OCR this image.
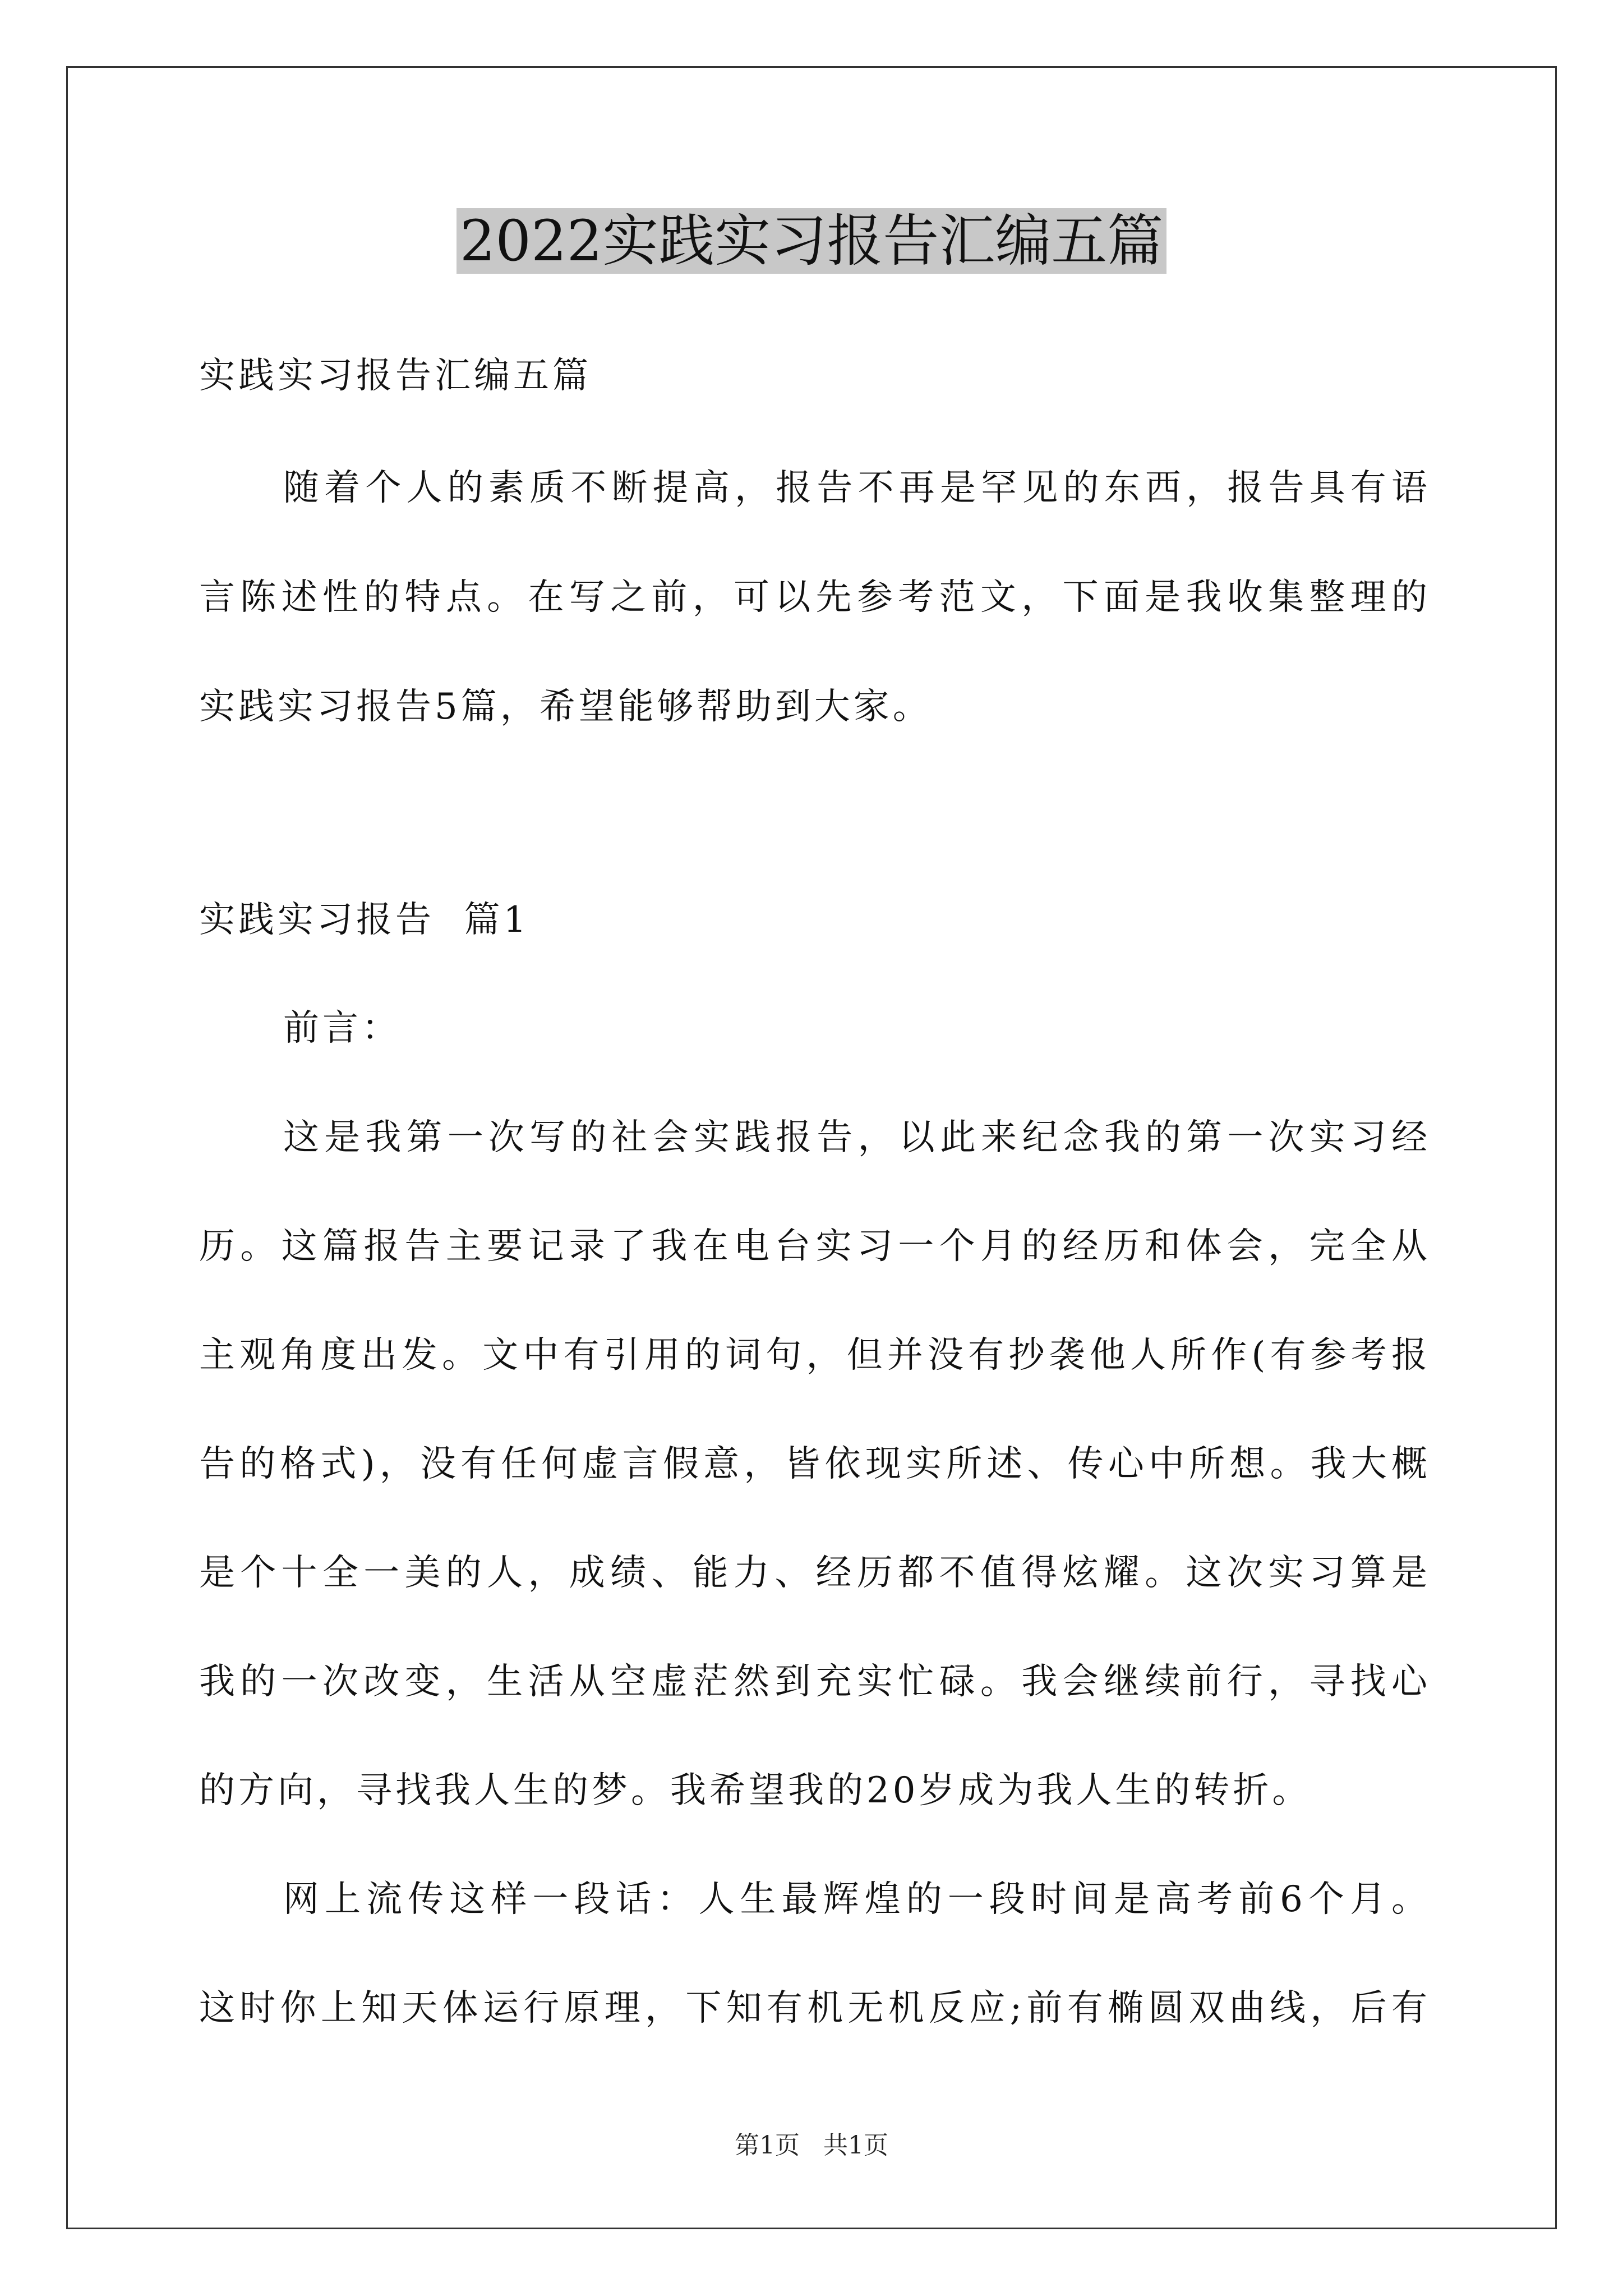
2022实践实习报告汇编五篇

实践实习报告汇编五篇

随着个人的素质不断提高，报告不再是罕见的东西，报告具有语

言陈述性的特点。在写之前，可以先参考范文，下面是我收集整理的

实践实习报告5篇，希望能够帮助到大家。

实践实习报告  篇1

前言：

这是我第一次写的社会实践报告，以此来纪念我的第一次实习经

历。这篇报告主要记录了我在电台实习一个月的经历和体会，完全从

主观角度出发。文中有引用的词句，但并没有抄袭他人所作(有参考报

告的格式)，没有任何虚言假意，皆依现实所述、传心中所想。我大概

是个十全一美的人，成绩、能力、经历都不值得炫耀。这次实习算是

我的一次改变，生活从空虚茫然到充实忙碌。我会继续前行，寻找心

的方向，寻找我人生的梦。我希望我的20岁成为我人生的转折。

网上流传这样一段话：人生最辉煌的一段时间是高考前6个月。

这时你上知天体运行原理，下知有机无机反应;前有椭圆双曲线，后有

第1页   共1页
